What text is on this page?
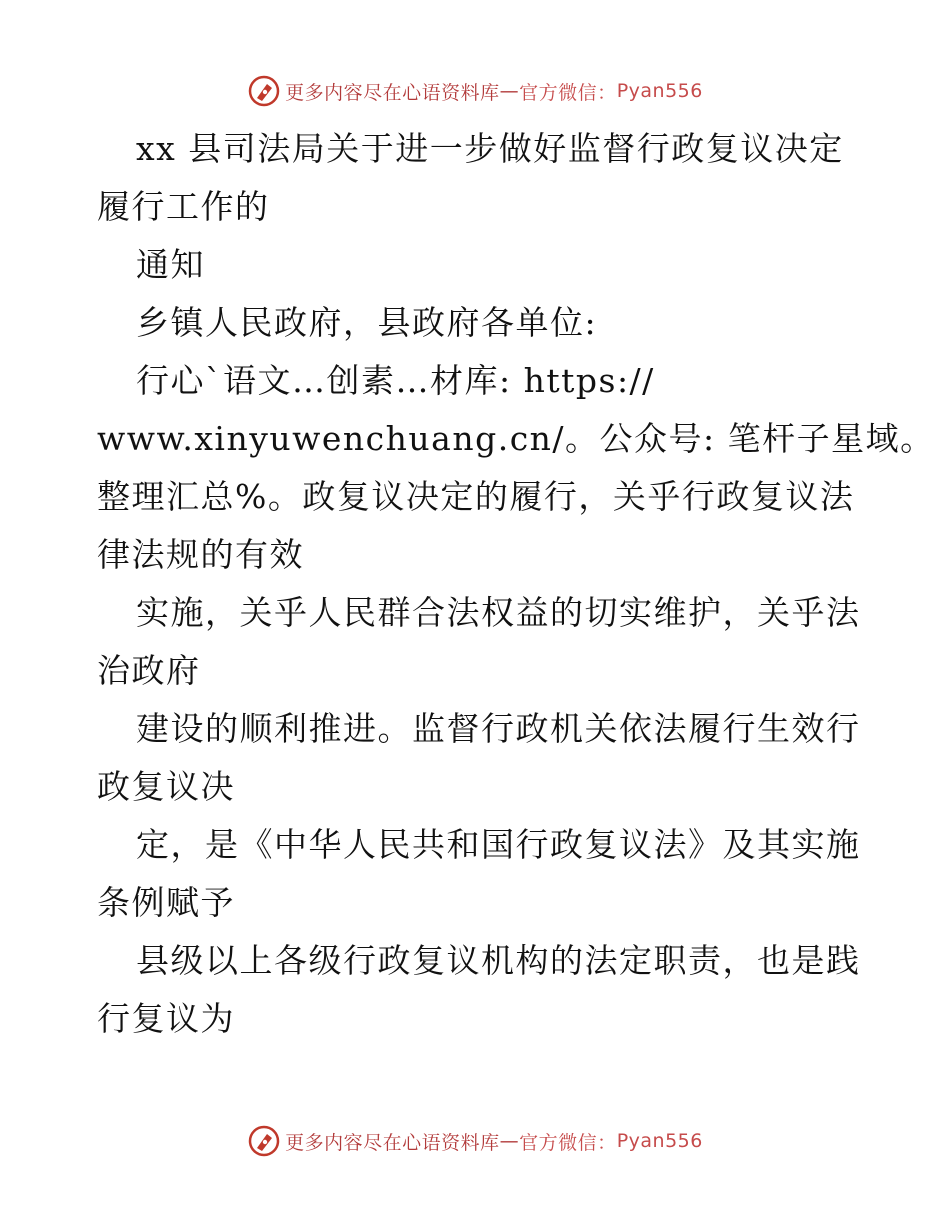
更多内容尽在心语资料库 — 官方微信： Pyan556
xx 县司法局关于进一步做好监督行政复议决定
履行工作的
通知
乡镇人民政府，县政府各单位:
行心`语文…创素…材库: https://
www.xinyuwenchuang.cn/。公众号: 笔杆子星域。
整理汇总%。政复议决定的履行，关乎行政复议法
律法规的有效
实施，关乎人民群合法权益的切实维护，关乎法
治政府
建设的顺利推进。监督行政机关依法履行生效行
政复议决
定，是《中华人民共和国行政复议法》及其实施
条例赋予
县级以上各级行政复议机构的法定职责，也是践
行复议为
更多内容尽在心语资料库 — 官方微信： Pyan556
